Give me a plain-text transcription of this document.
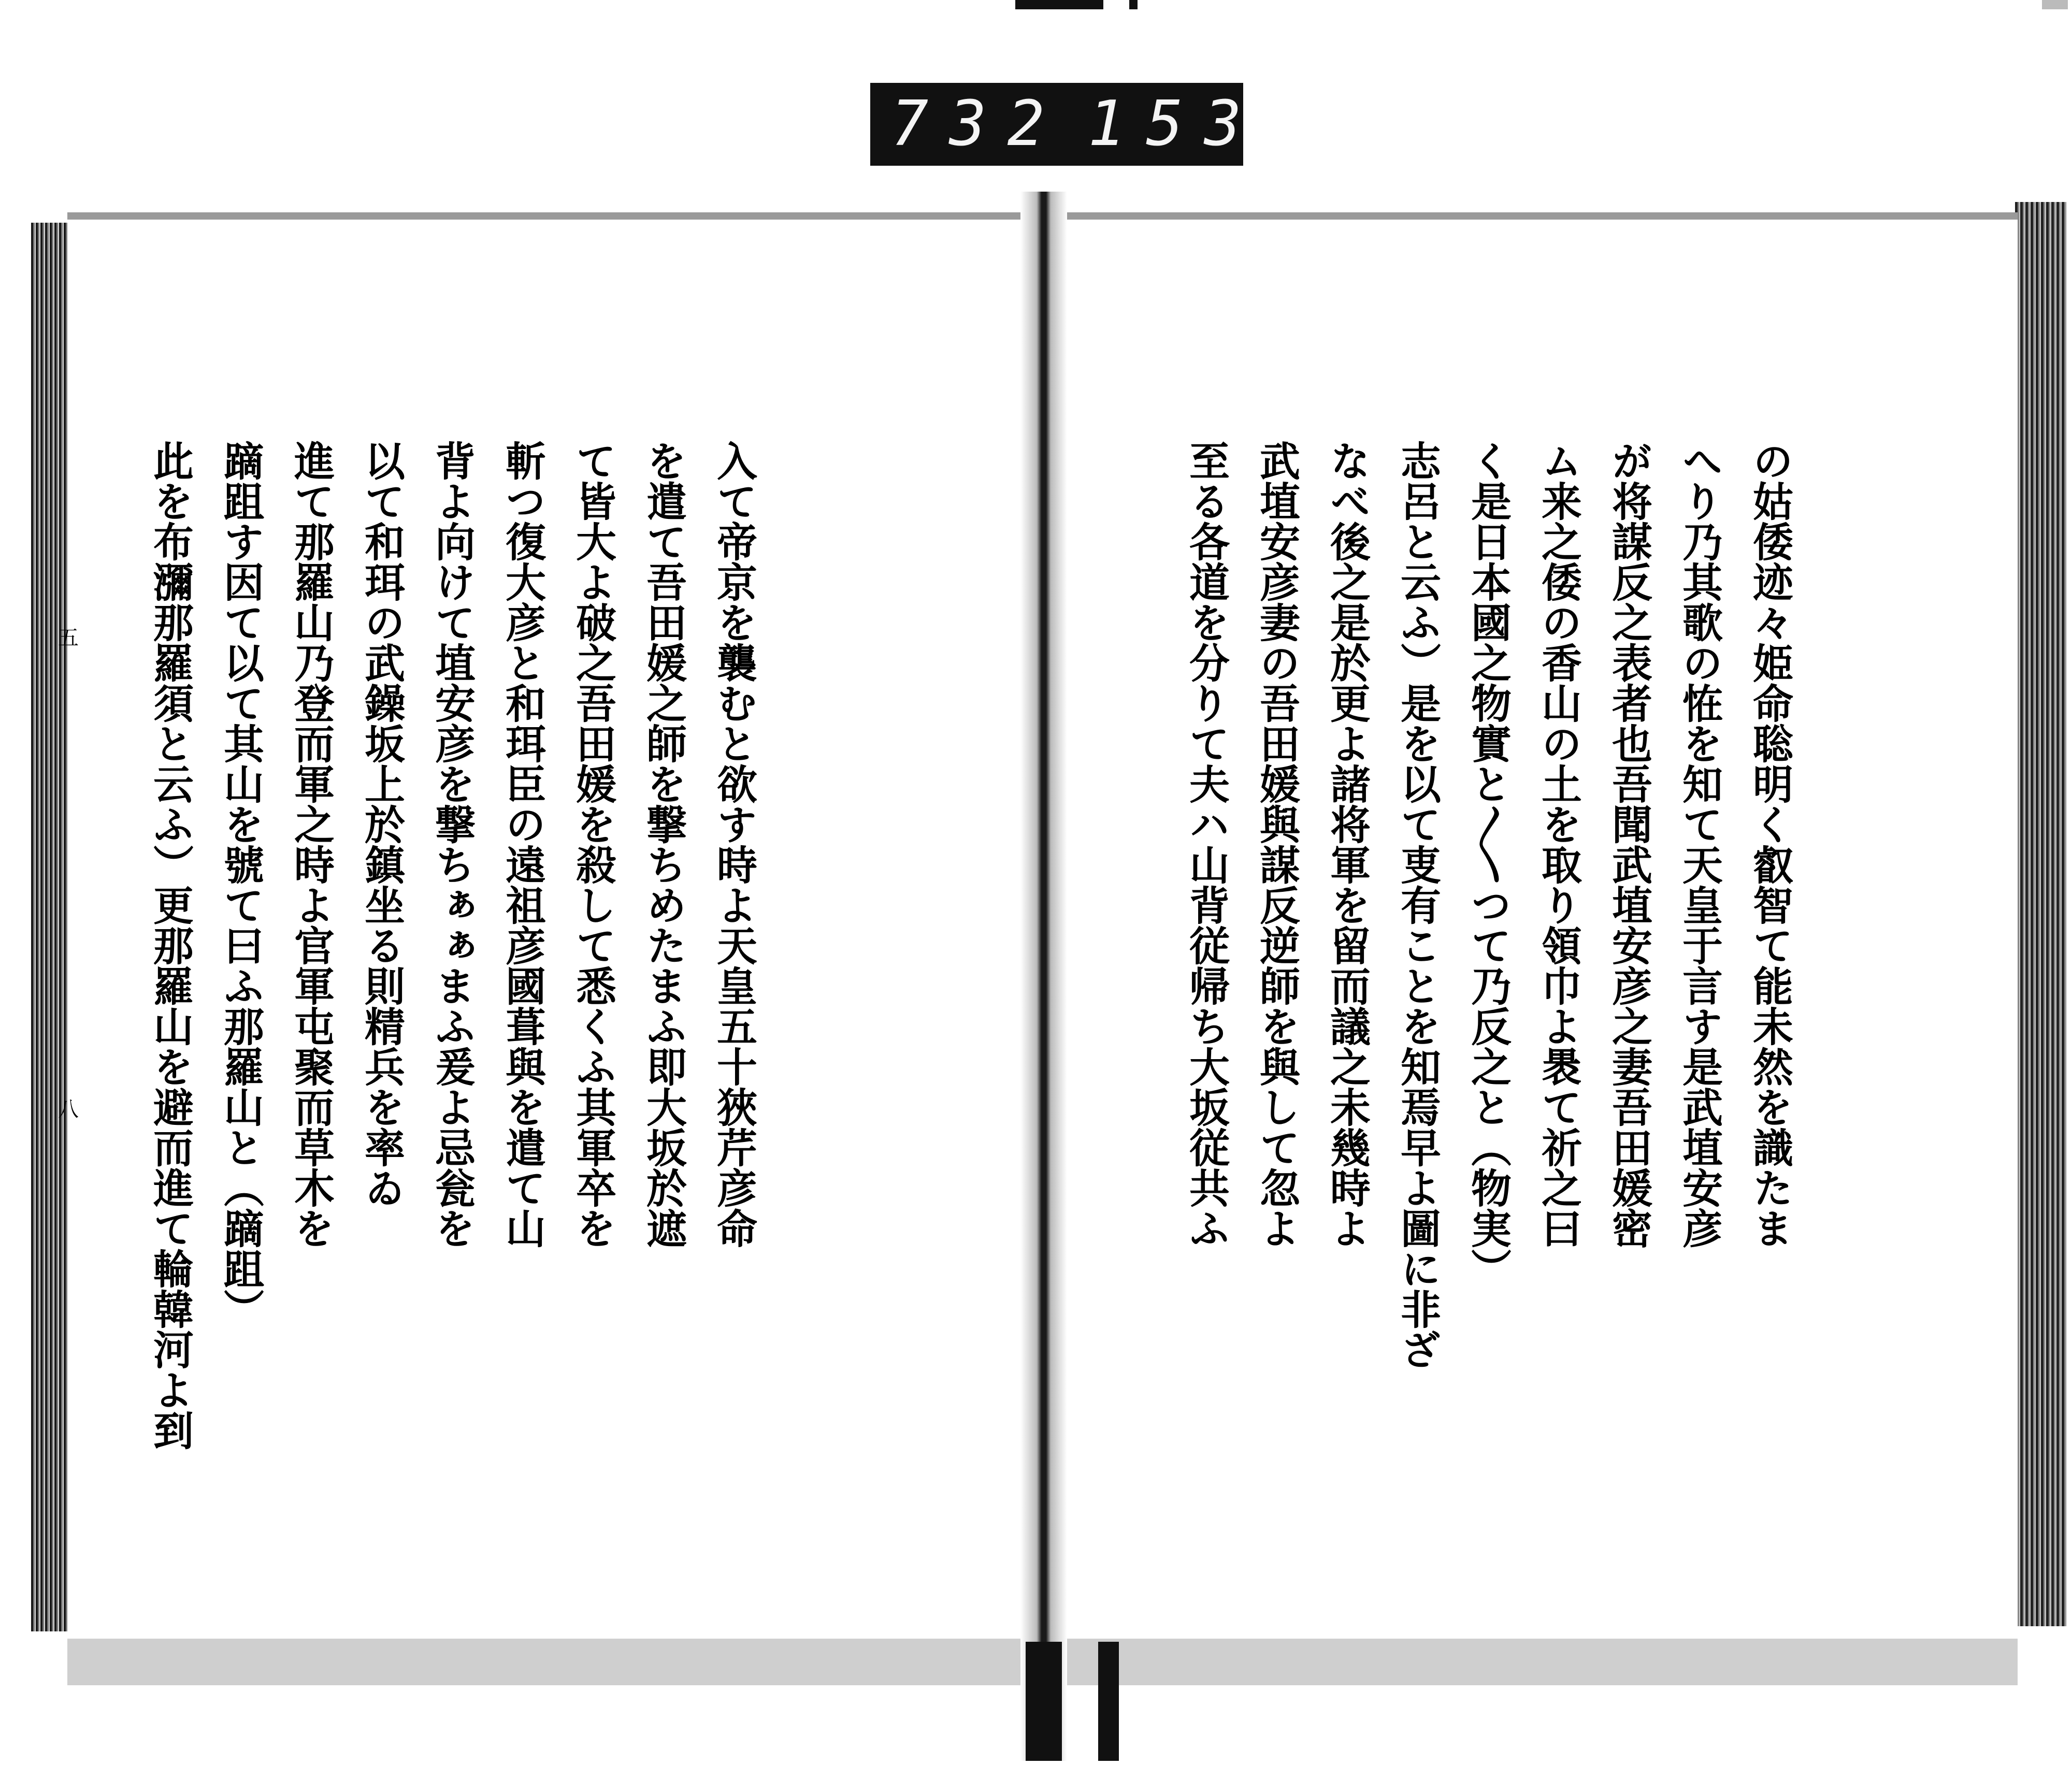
732 153
の姑倭迹々姫命聡明く叡智て能未然を識たま
へり乃其歌の恠を知て天皇于言す是武埴安彦
が将謀反之表者也吾聞武埴安彦之妻吾田媛密
ム来之倭の香山の土を取り領巾よ褁て祈之曰
く是日本國之物實と〳〵つて乃反之と（物実）
志呂と云ふ）是を以て叓有ことを知焉早よ圖に非ざ
なべ後之是於更よ諸将軍を留而議之未幾時よ
武埴安彦妻の吾田媛與謀反逆師を與して忽よ
至る各道を分りて夫ハ山背従帰ち大坂従共ふ
入て帝京を襲むと欲す時よ天皇五十狹芹彦命
を遣て吾田媛之師を撃ちめたまふ即大坂於遮
て皆大よ破之吾田媛を殺して悉くふ其軍卒を
斬つ復大彦と和珥臣の遠祖彦國葺與を遣て山
背よ向けて埴安彦を撃ちぁぁまふ爰よ忌瓮を
以て和珥の武鐰坂上於鎮坐る則精兵を率ゐ
進て那羅山乃登而軍之時よ官軍屯聚而草木を
蹢跙す因て以て其山を號て曰ふ那羅山と（蹢跙）
此を布瀰那羅須と云ふ）更那羅山を避而進て輪韓河よ到
五
八
